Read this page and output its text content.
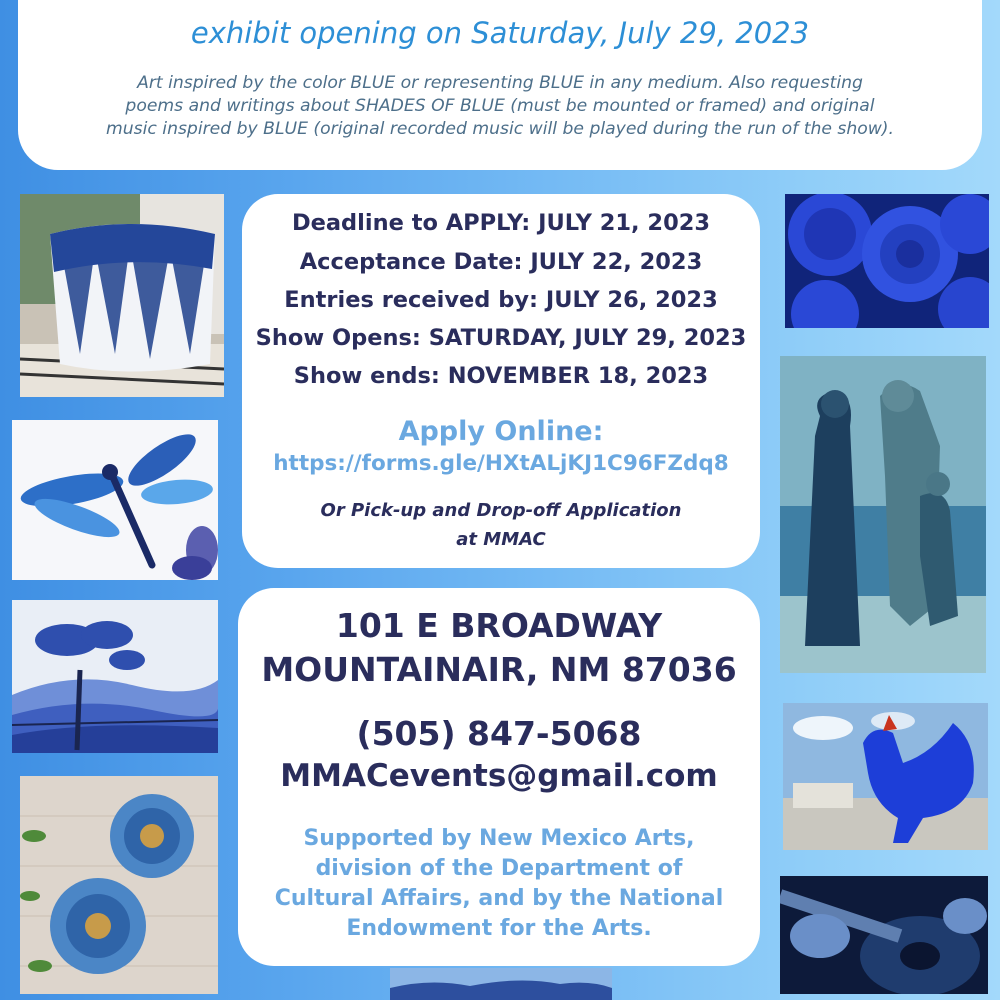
exhibit opening on Saturday, July 29, 2023

Art inspired by the color BLUE or representing BLUE in any medium. Also requesting
poems and writings about SHADES OF BLUE (must be mounted or framed) and original
music inspired by BLUE (original recorded music will be played during the run of the show).

Deadline to APPLY: JULY 21, 2023

Acceptance Date: JULY 22, 2023

Entries received by: JULY 26, 2023

Show Opens: SATURDAY, JULY 29, 2023

Show ends: NOVEMBER 18, 2023

Apply Online:

https://forms.gle/HXtALjKJ1C96FZdq8

Or Pick-up and Drop-off Application

at MMAC

101 E BROADWAY

MOUNTAINAIR, NM 87036

(505) 847-5068

MMACevents@gmail.com

Supported by New Mexico Arts,

division of the Department of

Cultural Affairs, and by the National

Endowment for the Arts.
